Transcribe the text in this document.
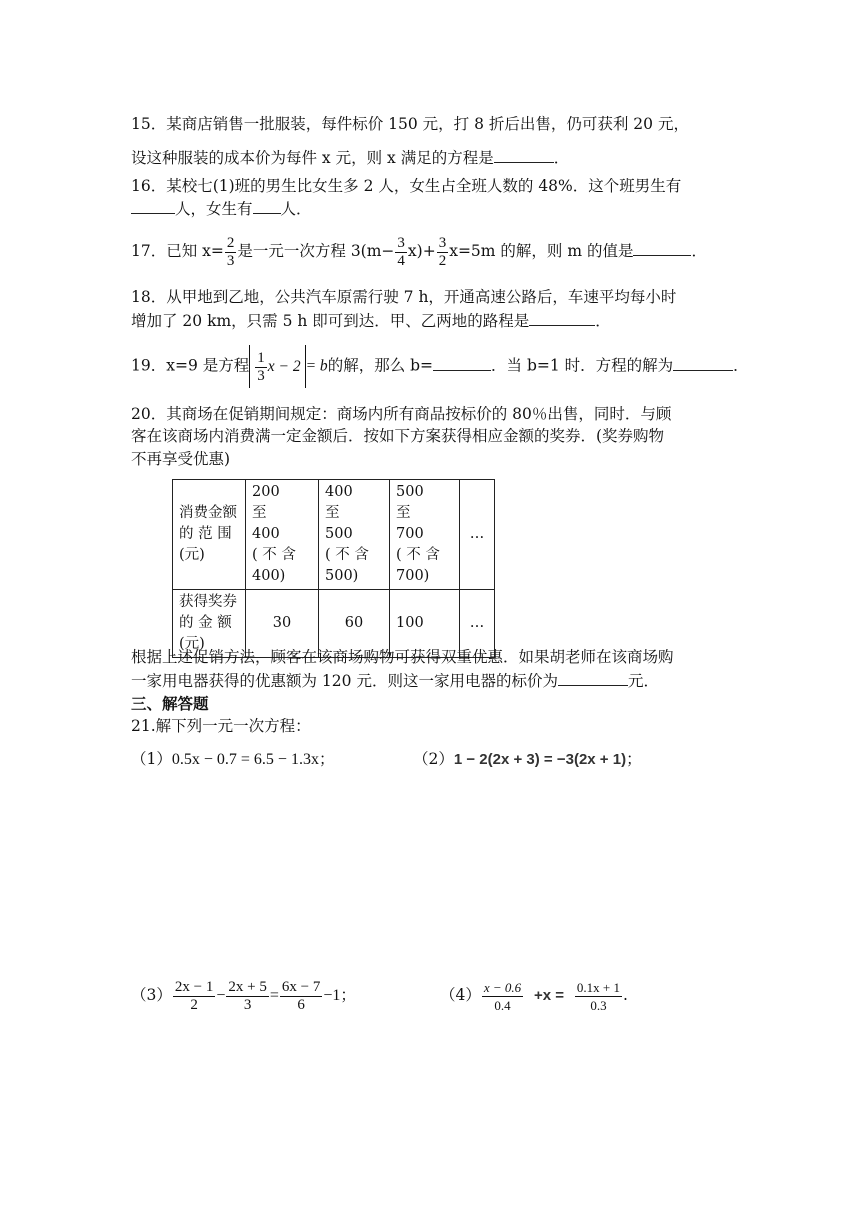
15．某商店销售一批服装，每件标价 150 元，打 8 折后出售，仍可获利 20 元，
设这种服装的成本价为每件 x 元，则 x 满足的方程是	．
16．某校七(1)班的男生比女生多 2 人，女生占全班人数的 48%．这个班男生有
人，女生有 人．
17．已知 $x= \frac{2}{3}$ 是一元一次方程 $3(m- \frac{3}{4} x)+ \frac{3}{2} x=5m$ 的解，则 m 的值是	．
18．从甲地到乙地，公共汽车原需行驶 7 h，开通高速公路后，车速平均每小时
增加了 20 km，只需 5 h 即可到达．甲、乙两地的路程是	．
19．x=9 是方程 $\frac{1}{3}$ x − 2 = b的解，那么 b=	．当 b=1 时．方程的解为	．
20．其商场在促销期间规定：商场内所有商品按标价的 80％出售，同时．与顾
客在该商场内消费满一定金额后．按如下方案获得相应金额的奖券．(奖券购物
不再享受优惠)
消费金额
的 范 围
(元)	200　　至
400
( 不 含
400)	400　　至
500
( 不 含
500)	500　　至
700
( 不 含
700)	…
获得奖券
的 金 额
(元)	30	60	100	…
根据上述促销方法，顾客在该商场购物可获得双重优惠．如果胡老师在该商场购
一家用电器获得的优惠额为 120 元．则这一家用电器的标价为	元．
三、解答题
21.解下列一元一次方程：
（1）0.5x − 0.7 = 6.5 − 1.3x；	（2）1 − 2(2x + 3) = −3(2x + 1)；
$(3) \frac{2x - 1}{2} - \frac{2x + 5}{3} = \frac{6x - 7}{6} -1$；	$(4) \frac{x - 0.6}{0.4} +x = \frac{0.1x + 1}{0.3}$ .
